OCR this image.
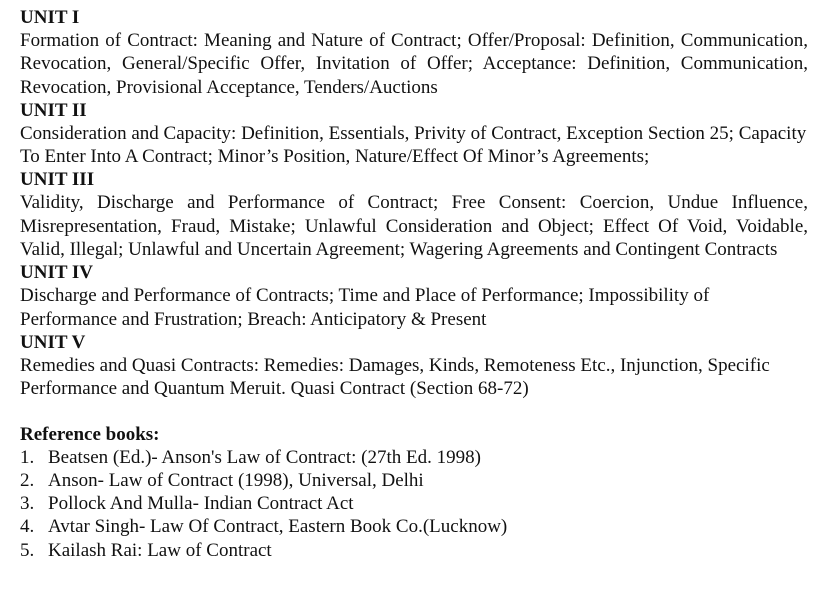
UNIT I

Formation of Contract: Meaning and Nature of Contract; Offer/Proposal: Definition, Communication, Revocation, General/Specific Offer, Invitation of Offer; Acceptance: Definition, Communication, Revocation, Provisional Acceptance, Tenders/Auctions

UNIT II

Consideration and Capacity: Definition, Essentials, Privity of Contract, Exception Section 25; Capacity To Enter Into A Contract; Minor’s Position, Nature/Effect Of Minor’s Agreements;

UNIT III

Validity, Discharge and Performance of Contract; Free Consent: Coercion, Undue Influence, Misrepresentation, Fraud, Mistake; Unlawful Consideration and Object; Effect Of Void, Voidable, Valid, Illegal; Unlawful and Uncertain Agreement; Wagering Agreements and Contingent Contracts

UNIT IV

Discharge and Performance of Contracts; Time and Place of Performance; Impossibility of Performance and Frustration; Breach: Anticipatory & Present

UNIT V

Remedies and Quasi Contracts: Remedies: Damages, Kinds, Remoteness Etc., Injunction, Specific Performance and Quantum Meruit. Quasi Contract (Section 68-72)

Reference books:
1. Beatsen (Ed.)- Anson's Law of Contract: (27th Ed. 1998)
2. Anson- Law of Contract (1998), Universal, Delhi
3. Pollock And Mulla- Indian Contract Act
4. Avtar Singh- Law Of Contract, Eastern Book Co.(Lucknow)
5. Kailash Rai: Law of Contract
